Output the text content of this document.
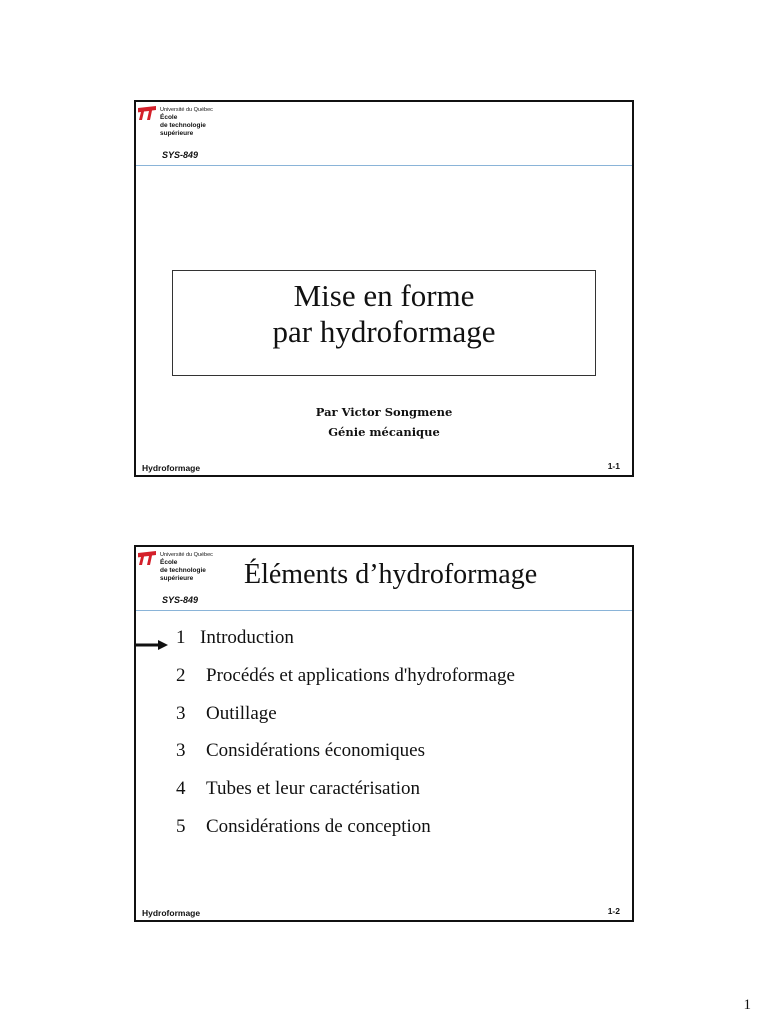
Université du Québec
École
de technologie
supérieure
SYS-849
Mise en forme
par hydroformage
Par Victor Songmene
Génie mécanique
Hydroformage	1-1
Université du Québec
École
de technologie
supérieure
SYS-849
Éléments d’hydroformage
1 Introduction
2 Procédés et applications d'hydroformage
3 Outillage
3 Considérations économiques
4 Tubes et leur caractérisation
5 Considérations de conception
Hydroformage	1-2
1
